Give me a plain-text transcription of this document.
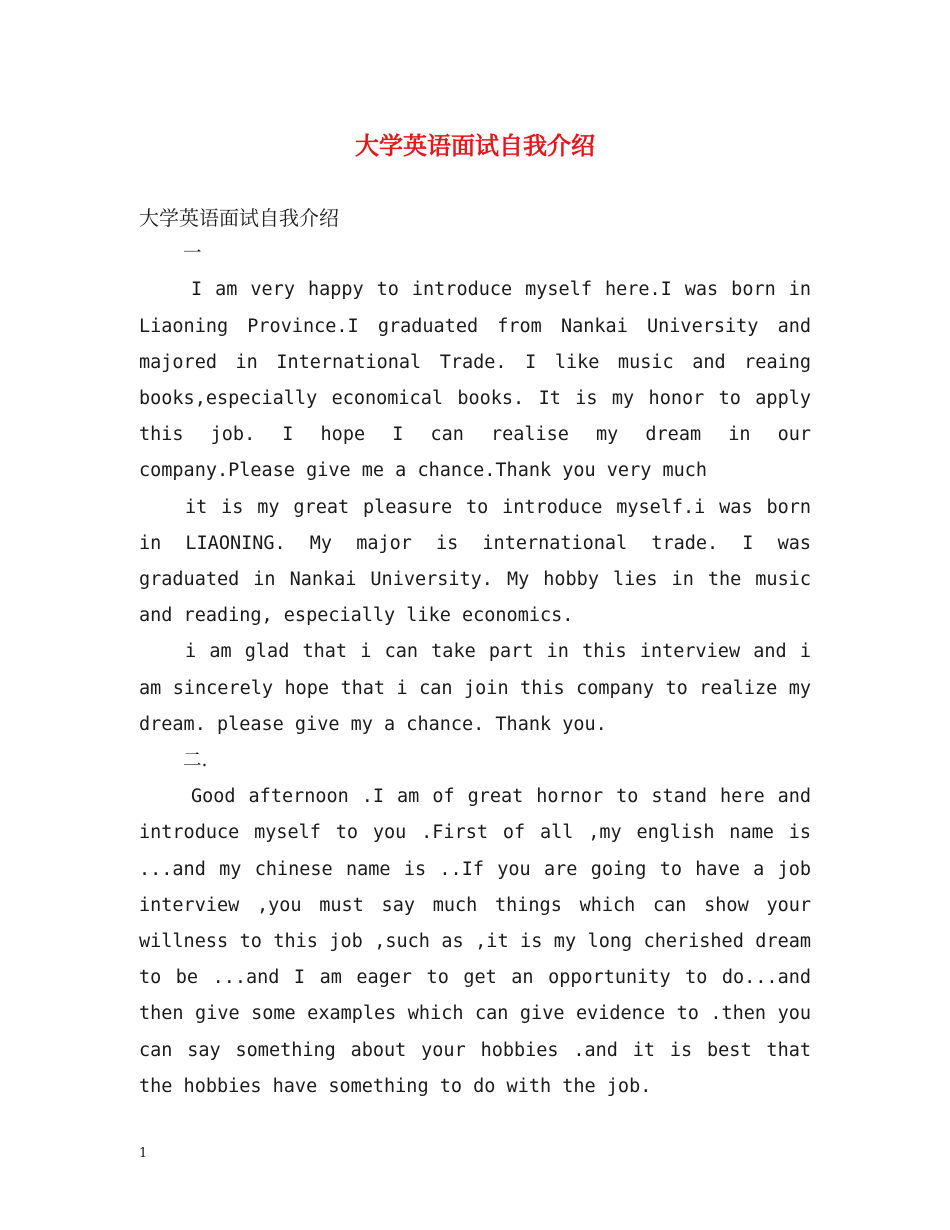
大学英语面试自我介绍

大学英语面试自我介绍

一

I am very happy to introduce myself here.I was born in Liaoning Province.I graduated from Nankai University and majored in International Trade. I like music and reaing books,especially economical books. It is my honor to apply this job. I hope I can realise my dream in our company.Please give me a chance.Thank you very much

it is my great pleasure to introduce myself.i was born in LIAONING. My major is international trade. I was graduated in Nankai University. My hobby lies in the music and reading, especially like economics.

i am glad that i can take part in this interview and i am sincerely hope that i can join this company to realize my dream. please give my a chance. Thank you.

二.

Good afternoon .I am of great hornor to stand here and introduce myself to you .First of all ,my english name is ...and my chinese name is ..If you are going to have a job interview ,you must say much things which can show your willness to this job ,such as ,it is my long cherished dream to be ...and I am eager to get an opportunity to do...and then give some examples which can give evidence to .then you can say something about your hobbies .and it is best that the hobbies have something to do with the job.

1
